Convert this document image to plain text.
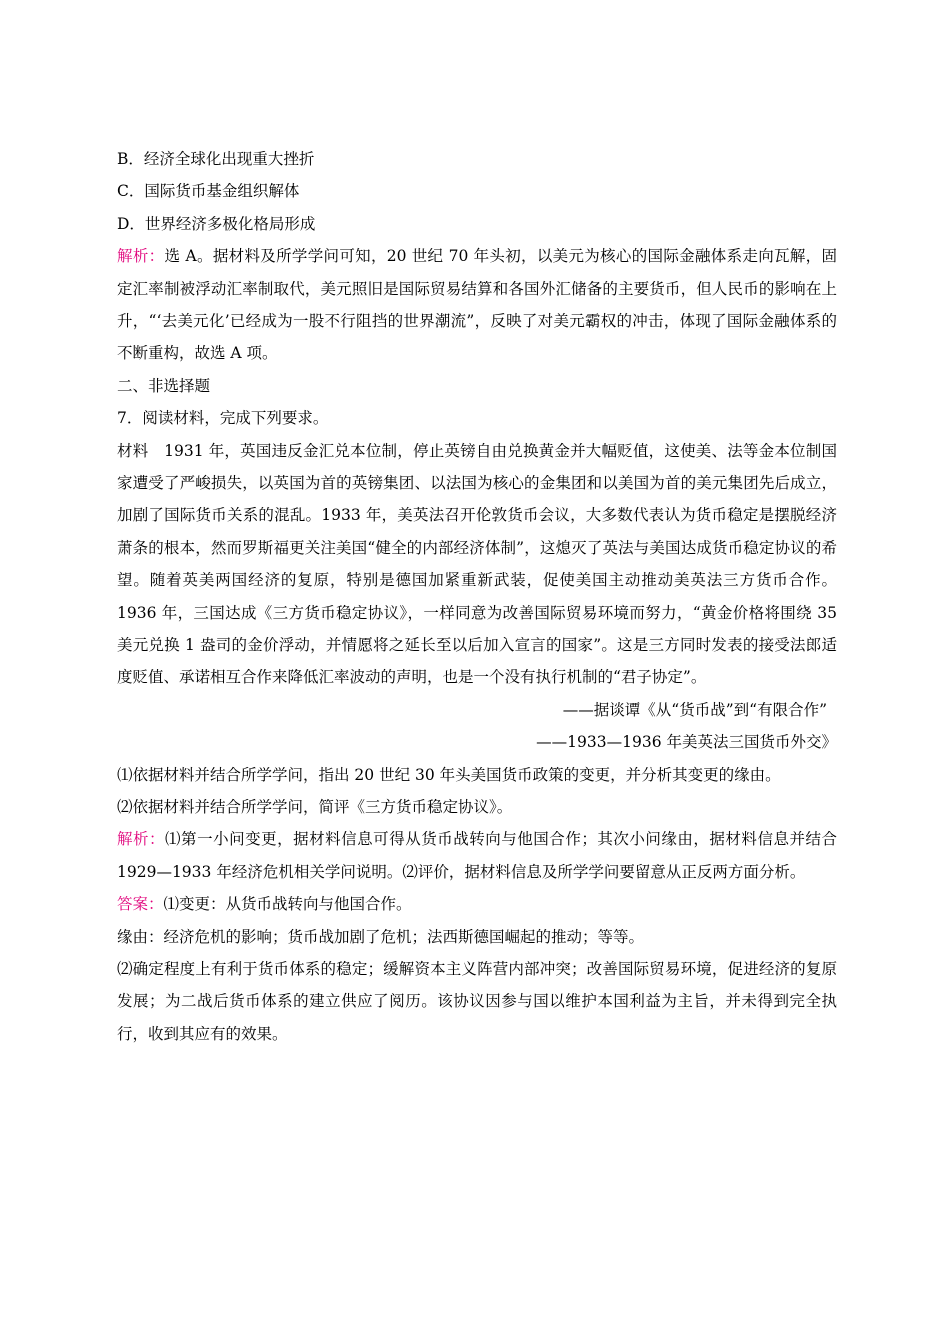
B．经济全球化出现重大挫折
C．国际货币基金组织解体
D．世界经济多极化格局形成
解析：选 A。据材料及所学学问可知，20 世纪 70 年头初，以美元为核心的国际金融体系走向瓦解，固定汇率制被浮动汇率制取代，美元照旧是国际贸易结算和各国外汇储备的主要货币，但人民币的影响在上升，“‘去美元化’已经成为一股不行阻挡的世界潮流”，反映了对美元霸权的冲击，体现了国际金融体系的不断重构，故选 A 项。
二、非选择题
7．阅读材料，完成下列要求。
材料　1931 年，英国违反金汇兑本位制，停止英镑自由兑换黄金并大幅贬值，这使美、法等金本位制国家遭受了严峻损失，以英国为首的英镑集团、以法国为核心的金集团和以美国为首的美元集团先后成立，加剧了国际货币关系的混乱。1933 年，美英法召开伦敦货币会议，大多数代表认为货币稳定是摆脱经济萧条的根本，然而罗斯福更关注美国“健全的内部经济体制”，这熄灭了英法与美国达成货币稳定协议的希望。随着英美两国经济的复原，特别是德国加紧重新武装，促使美国主动推动美英法三方货币合作。1936 年，三国达成《三方货币稳定协议》，一样同意为改善国际贸易环境而努力，“黄金价格将围绕 35 美元兑换 1 盎司的金价浮动，并情愿将之延长至以后加入宣言的国家”。这是三方同时发表的接受法郎适度贬值、承诺相互合作来降低汇率波动的声明，也是一个没有执行机制的“君子协定”。
——据谈谭《从“货币战”到“有限合作”
——1933—1936 年美英法三国货币外交》
⑴依据材料并结合所学学问，指出 20 世纪 30 年头美国货币政策的变更，并分析其变更的缘由。
⑵依据材料并结合所学学问，简评《三方货币稳定协议》。
解析：⑴第一小问变更，据材料信息可得从货币战转向与他国合作；其次小问缘由，据材料信息并结合 1929—1933 年经济危机相关学问说明。⑵评价，据材料信息及所学学问要留意从正反两方面分析。
答案：⑴变更：从货币战转向与他国合作。
缘由：经济危机的影响；货币战加剧了危机；法西斯德国崛起的推动；等等。
⑵确定程度上有利于货币体系的稳定；缓解资本主义阵营内部冲突；改善国际贸易环境，促进经济的复原发展；为二战后货币体系的建立供应了阅历。该协议因参与国以维护本国利益为主旨，并未得到完全执行，收到其应有的效果。
